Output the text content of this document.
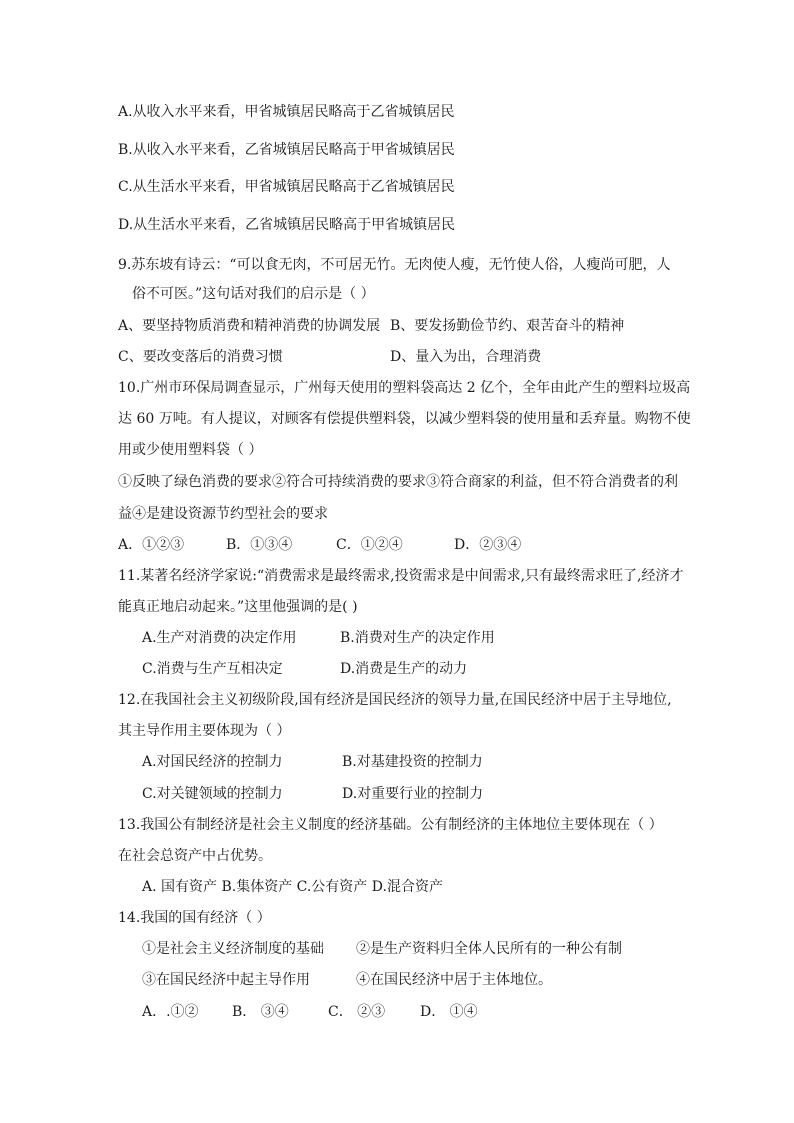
A.从收入水平来看，甲省城镇居民略高于乙省城镇居民
B.从收入水平来看，乙省城镇居民略高于甲省城镇居民
C.从生活水平来看，甲省城镇居民略高于乙省城镇居民
D.从生活水平来看，乙省城镇居民略高于甲省城镇居民
9.苏东坡有诗云：“可以食无肉，不可居无竹。无肉使人瘦，无竹使人俗，人瘦尚可肥，人
俗不可医。”这句话对我们的启示是（ ）
A、要坚持物质消费和精神消费的协调发展 B、要发扬勤俭节约、艰苦奋斗的精神
C、要改变落后的消费习惯	D、量入为出，合理消费
10.广州市环保局调查显示，广州每天使用的塑料袋高达 2 亿个，全年由此产生的塑料垃圾高
达 60 万吨。有人提议，对顾客有偿提供塑料袋，以减少塑料袋的使用量和丢弃量。购物不使
用或少使用塑料袋（ ）
①反映了绿色消费的要求②符合可持续消费的要求③符合商家的利益，但不符合消费者的利
益④是建设资源节约型社会的要求
A．①②③	B．①③④	C．①②④	D．②③④
11.某著名经济学家说:“消费需求是最终需求,投资需求是中间需求,只有最终需求旺了,经济才
能真正地启动起来。”这里他强调的是( )
A.生产对消费的决定作用	B.消费对生产的决定作用
C.消费与生产互相决定	D.消费是生产的动力
12.在我国社会主义初级阶段,国有经济是国民经济的领导力量,在国民经济中居于主导地位,
其主导作用主要体现为（ ）
A.对国民经济的控制力	B.对基建投资的控制力
C.对关键领域的控制力	D.对重要行业的控制力
13.我国公有制经济是社会主义制度的经济基础。公有制经济的主体地位主要体现在（ ）
在社会总资产中占优势。
A. 国有资产 B.集体资产 C.公有资产 D.混合资产
14.我国的国有经济（ ）
①是社会主义经济制度的基础 ②是生产资料归全体人民所有的一种公有制
③在国民经济中起主导作用	④在国民经济中居于主体地位。
A．.①② B． ③④	C． ②③ D． ①④
